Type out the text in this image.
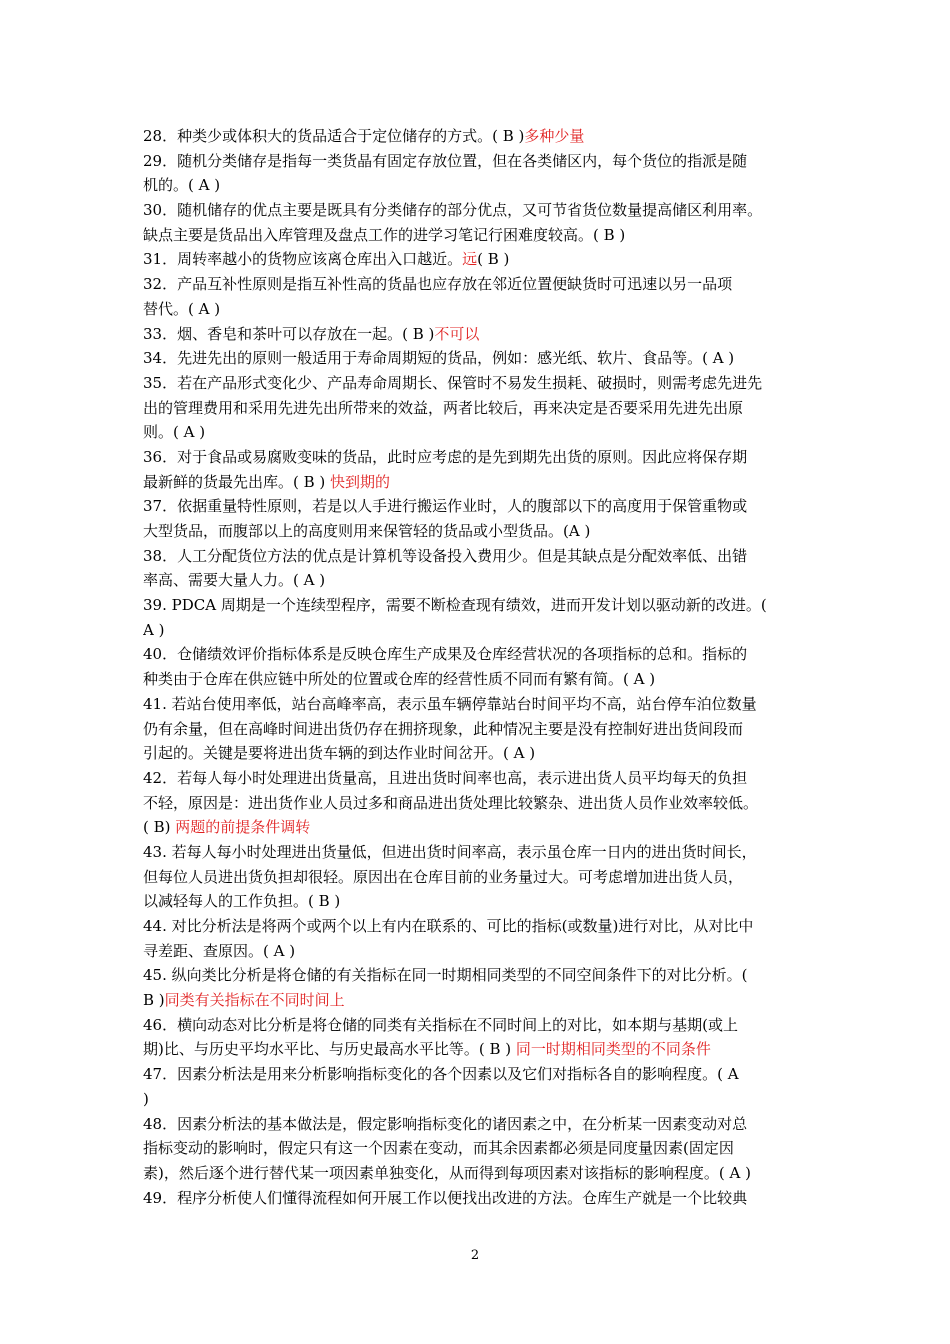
28．种类少或体积大的货品适合于定位储存的方式。( B )多种少量
29．随机分类储存是指每一类货晶有固定存放位置，但在各类储区内，每个货位的指派是随
机的。( A )
30．随机储存的优点主要是既具有分类储存的部分优点，又可节省货位数量提高储区利用率。
缺点主要是货品出入库管理及盘点工作的进学习笔记行困难度较高。( B )
31．周转率越小的货物应该离仓库出入口越近。远( B )
32．产品互补性原则是指互补性高的货晶也应存放在邻近位置便缺货时可迅速以另一品项
替代。( A )
33．烟、香皂和茶叶可以存放在一起。( B )不可以
34．先进先出的原则一般适用于寿命周期短的货品，例如：感光纸、软片、食品等。( A )
35．若在产品形式变化少、产品寿命周期长、保管时不易发生损耗、破损时，则需考虑先进先
出的管理费用和采用先进先出所带来的效益，两者比较后，再来决定是否要采用先进先出原
则。( A )
36．对于食品或易腐败变味的货品，此时应考虑的是先到期先出货的原则。因此应将保存期
最新鲜的货最先出库。( B ) 快到期的
37．依据重量特性原则，若是以人手进行搬运作业时，人的腹部以下的高度用于保管重物或
大型货品，而腹部以上的高度则用来保管轻的货品或小型货品。(A )
38．人工分配货位方法的优点是计算机等设备投入费用少。但是其缺点是分配效率低、出错
率高、需要大量人力。( A )
39. PDCA 周期是一个连续型程序，需要不断检查现有绩效，进而开发计划以驱动新的改进。(
A )
40．仓储绩效评价指标体系是反映仓库生产成果及仓库经营状况的各项指标的总和。指标的
种类由于仓库在供应链中所处的位置或仓库的经营性质不同而有繁有简。( A )
41. 若站台使用率低，站台高峰率高，表示虽车辆停靠站台时间平均不高，站台停车泊位数量
仍有余量，但在高峰时间进出货仍存在拥挤现象，此种情况主要是没有控制好进出货间段而
引起的。关键是要将进出货车辆的到达作业时间岔开。( A )
42．若每人每小时处理进出货量高，且进出货时间率也高，表示进出货人员平均每天的负担
不轻，原因是：进出货作业人员过多和商品进出货处理比较繁杂、进出货人员作业效率较低。
( B) 两题的前提条件调转
43. 若每人每小时处理进出货量低，但进出货时间率高，表示虽仓库一日内的进出货时间长，
但每位人员进出货负担却很轻。原因出在仓库目前的业务量过大。可考虑增加进出货人员，
以减轻每人的工作负担。( B )
44. 对比分析法是将两个或两个以上有内在联系的、可比的指标(或数量)进行对比，从对比中
寻差距、查原因。( A )
45. 纵向类比分析是将仓储的有关指标在同一时期相同类型的不同空间条件下的对比分析。(
B )同类有关指标在不同时间上
46．横向动态对比分析是将仓储的同类有关指标在不同时间上的对比，如本期与基期(或上
期)比、与历史平均水平比、与历史最高水平比等。( B ) 同一时期相同类型的不同条件
47．因素分析法是用来分析影响指标变化的各个因素以及它们对指标各自的影响程度。( A
)
48．因素分析法的基本做法是，假定影响指标变化的诸因素之中，在分析某一因素变动对总
指标变动的影响时，假定只有这一个因素在变动，而其余因素都必须是同度量因素(固定因
素)，然后逐个进行替代某一项因素单独变化，从而得到每项因素对该指标的影响程度。( A )
49．程序分析使人们懂得流程如何开展工作以便找出改进的方法。仓库生产就是一个比较典
2
